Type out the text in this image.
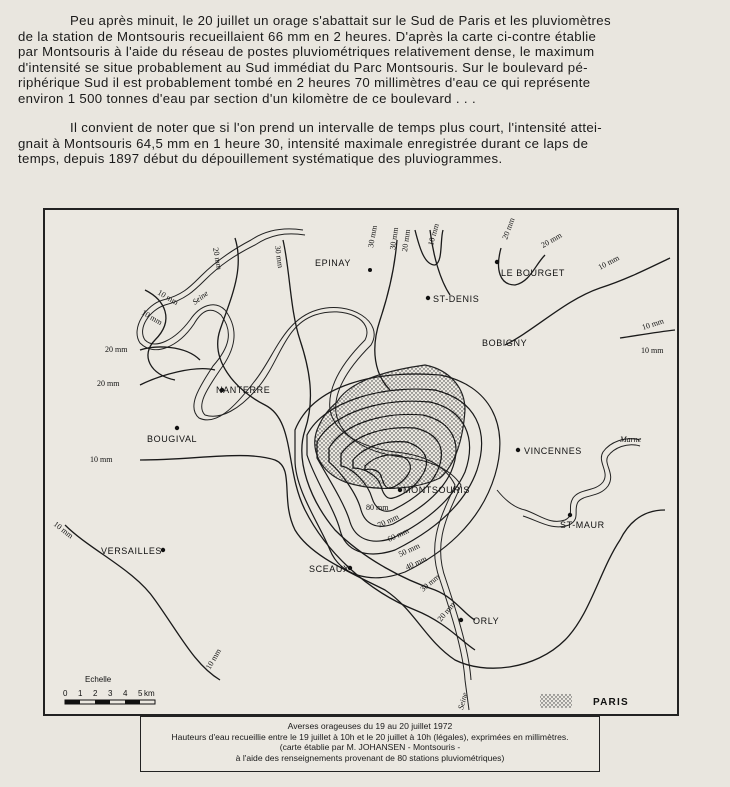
Peu après minuit, le 20 juillet un orage s'abattait sur le Sud de Paris et les pluviomètres

de la station de Montsouris recueillaient 66 mm en 2 heures. D'après la carte ci-contre établie
par Montsouris à l'aide du réseau de postes pluviométriques relativement dense, le maximum
d'intensité se situe probablement au Sud immédiat du Parc Montsouris. Sur le boulevard pé-
riphérique Sud il est probablement tombé en 2 heures 70 millimètres d'eau ce qui représente
environ 1 500 tonnes d'eau par section d'un kilomètre de ce boulevard . . .

Il convient de noter que si l'on prend un intervalle de temps plus court, l'intensité attei-

gnait à Montsouris 64,5 mm en 1 heure 30, intensité maximale enregistrée durant ce laps de
temps, depuis 1897 début du dépouillement systématique des pluviogrammes.
EPINAY
ST-DENIS
LE BOURGET
BOBIGNY
NANTERRE
BOUGIVAL
MONTSOURIS
VINCENNES
ST-MAUR
SCEAUX
VERSAILLES
ORLY
Seine
Seine
Marne
20 mm	30 mm
30 mm 30 mm 20 mm 10 mm	20 mm	20 mm
10 mm
10 mm
10 mm
10 mm
10 mm
20 mm
20 mm
10 mm
10 mm
80 mm
70 mm
60 mm
50 mm
40 mm
30 mm
20 mm
10 mm
Echelle
0 1 2 3 4 5 km
PARIS
Averses orageuses du 19 au 20 juillet 1972
Hauteurs d'eau recueillie entre le 19 juillet à 10h et le 20 juillet à 10h (légales), exprimées en millimètres.
(carte établie par M. JOHANSEN - Montsouris -
à l'aide des renseignements provenant de 80 stations pluviométriques)
